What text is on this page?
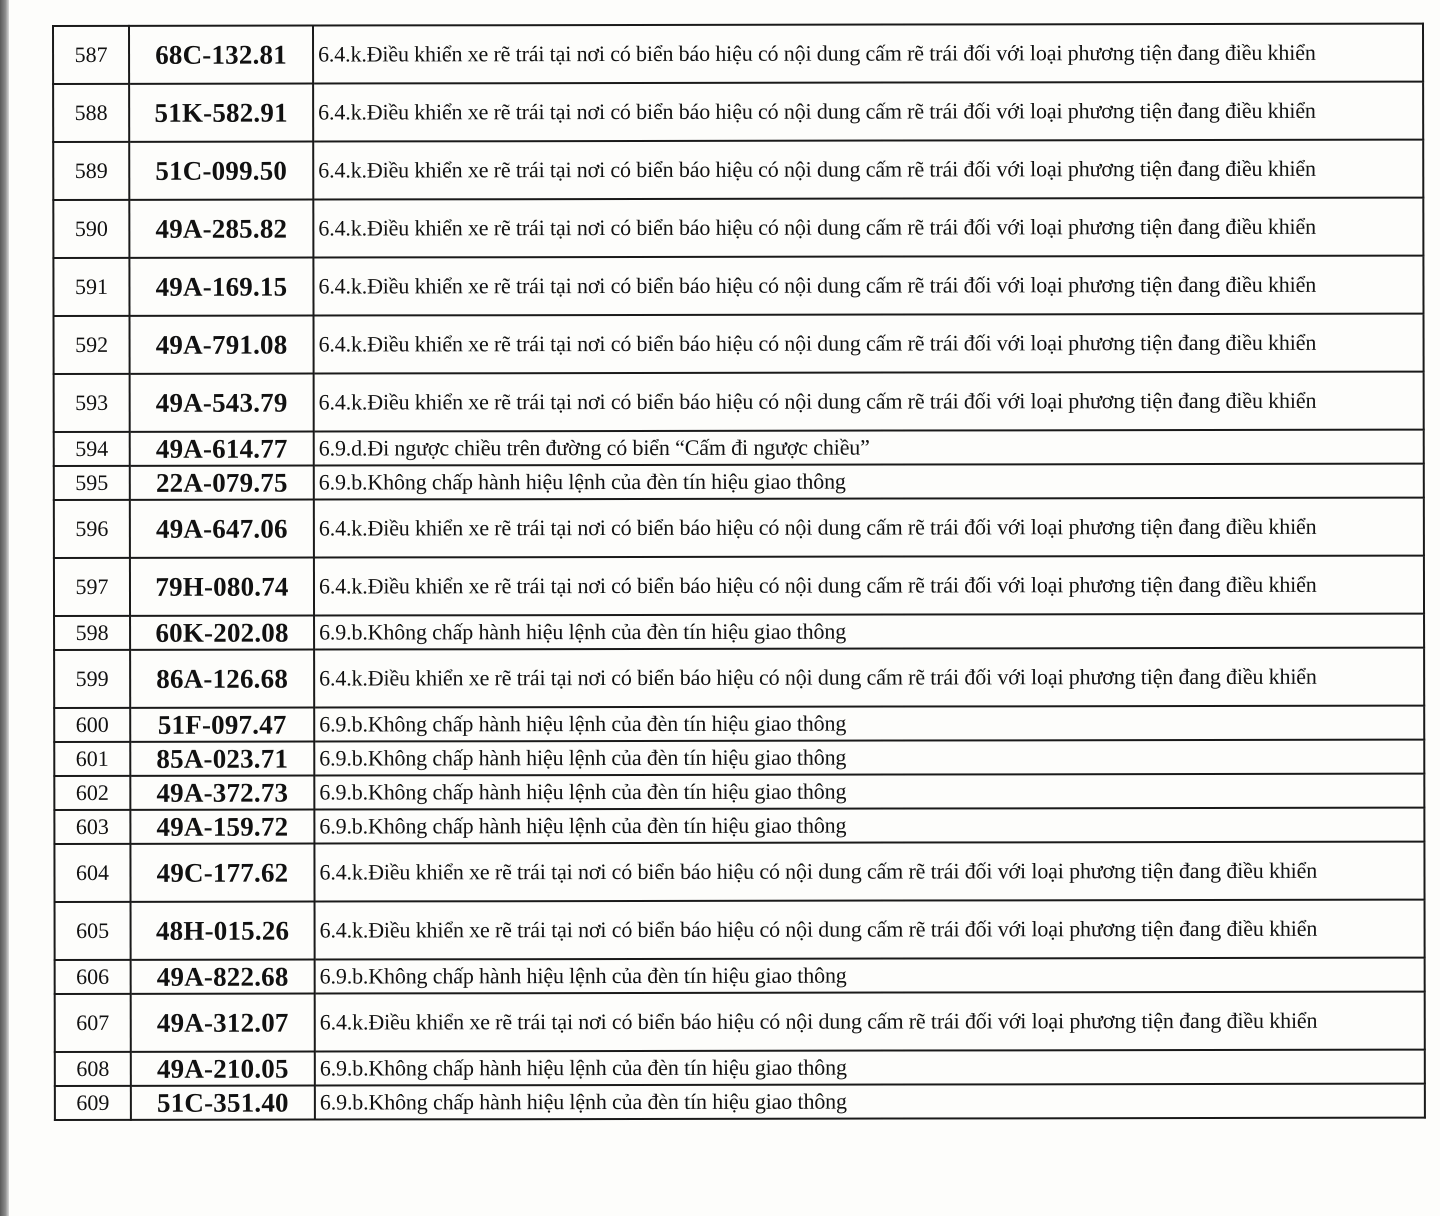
587	68C-132.81	6.4.k.Điều khiển xe rẽ trái tại nơi có biển báo hiệu có nội dung cấm rẽ trái đối với loại phương tiện đang điều khiển
588	51K-582.91	6.4.k.Điều khiển xe rẽ trái tại nơi có biển báo hiệu có nội dung cấm rẽ trái đối với loại phương tiện đang điều khiển
589	51C-099.50	6.4.k.Điều khiển xe rẽ trái tại nơi có biển báo hiệu có nội dung cấm rẽ trái đối với loại phương tiện đang điều khiển
590	49A-285.82	6.4.k.Điều khiển xe rẽ trái tại nơi có biển báo hiệu có nội dung cấm rẽ trái đối với loại phương tiện đang điều khiển
591	49A-169.15	6.4.k.Điều khiển xe rẽ trái tại nơi có biển báo hiệu có nội dung cấm rẽ trái đối với loại phương tiện đang điều khiển
592	49A-791.08	6.4.k.Điều khiển xe rẽ trái tại nơi có biển báo hiệu có nội dung cấm rẽ trái đối với loại phương tiện đang điều khiển
593	49A-543.79	6.4.k.Điều khiển xe rẽ trái tại nơi có biển báo hiệu có nội dung cấm rẽ trái đối với loại phương tiện đang điều khiển
594	49A-614.77	6.9.d.Đi ngược chiều trên đường có biển “Cấm đi ngược chiều”
595	22A-079.75	6.9.b.Không chấp hành hiệu lệnh của đèn tín hiệu giao thông
596	49A-647.06	6.4.k.Điều khiển xe rẽ trái tại nơi có biển báo hiệu có nội dung cấm rẽ trái đối với loại phương tiện đang điều khiển
597	79H-080.74	6.4.k.Điều khiển xe rẽ trái tại nơi có biển báo hiệu có nội dung cấm rẽ trái đối với loại phương tiện đang điều khiển
598	60K-202.08	6.9.b.Không chấp hành hiệu lệnh của đèn tín hiệu giao thông
599	86A-126.68	6.4.k.Điều khiển xe rẽ trái tại nơi có biển báo hiệu có nội dung cấm rẽ trái đối với loại phương tiện đang điều khiển
600	51F-097.47	6.9.b.Không chấp hành hiệu lệnh của đèn tín hiệu giao thông
601	85A-023.71	6.9.b.Không chấp hành hiệu lệnh của đèn tín hiệu giao thông
602	49A-372.73	6.9.b.Không chấp hành hiệu lệnh của đèn tín hiệu giao thông
603	49A-159.72	6.9.b.Không chấp hành hiệu lệnh của đèn tín hiệu giao thông
604	49C-177.62	6.4.k.Điều khiển xe rẽ trái tại nơi có biển báo hiệu có nội dung cấm rẽ trái đối với loại phương tiện đang điều khiển
605	48H-015.26	6.4.k.Điều khiển xe rẽ trái tại nơi có biển báo hiệu có nội dung cấm rẽ trái đối với loại phương tiện đang điều khiển
606	49A-822.68	6.9.b.Không chấp hành hiệu lệnh của đèn tín hiệu giao thông
607	49A-312.07	6.4.k.Điều khiển xe rẽ trái tại nơi có biển báo hiệu có nội dung cấm rẽ trái đối với loại phương tiện đang điều khiển
608	49A-210.05	6.9.b.Không chấp hành hiệu lệnh của đèn tín hiệu giao thông
609	51C-351.40	6.9.b.Không chấp hành hiệu lệnh của đèn tín hiệu giao thông
